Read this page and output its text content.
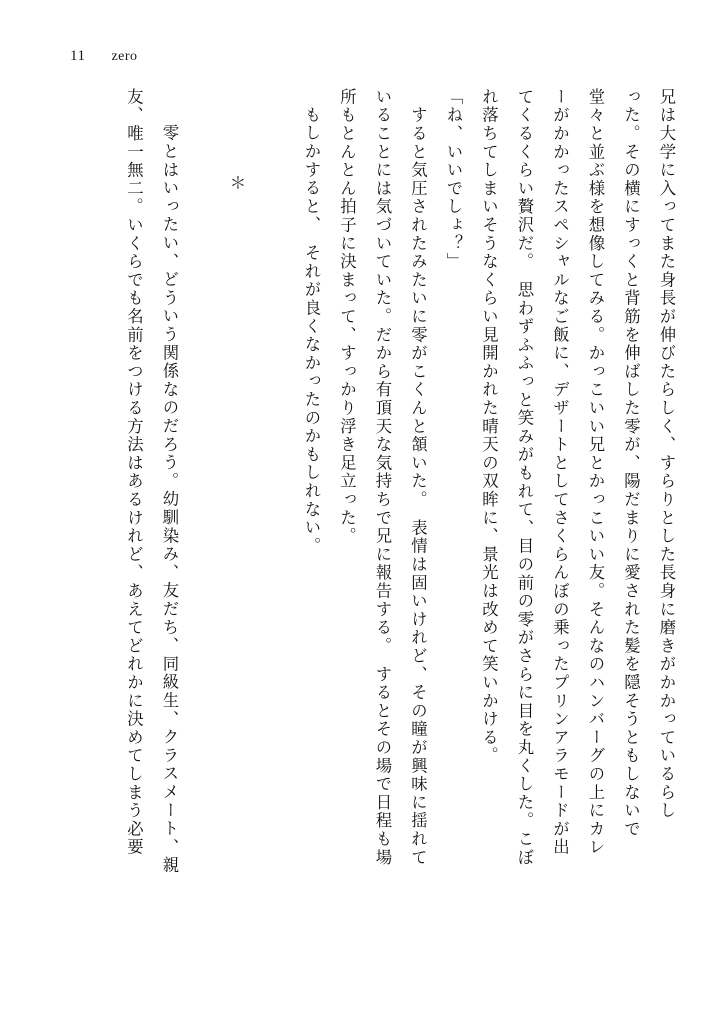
11 zero
兄は大学に入ってまた身長が伸びたらしく、すらりとした長身に磨きがかかっているらし
った。その横にすっくと背筋を伸ばした零が、陽だまりに愛された髪を隠そうともしないで
堂々と並ぶ様を想像してみる。かっこいい兄とかっこいい友。そんなのハンバーグの上にカレ
ーがかかったスペシャルなご飯に、デザートとしてさくらんぼの乗ったプリンアラモードが出
てくるくらい贅沢だ。　思わずふふっと笑みがもれて、目の前の零がさらに目を丸くした。こぼ
れ落ちてしまいそうなくらい見開かれた晴天の双眸に、景光は改めて笑いかける。
「ね、いいでしょ？」
　すると気圧されたみたいに零がこくんと頷いた。　表情は固いけれど、その瞳が興味に揺れて
いることには気づいていた。だから有頂天な気持ちで兄に報告する。　するとその場で日程も場
所もとんとん拍子に決まって、すっかり浮き足立った。
もしかすると、　それが良くなかったのかもしれない。
＊
　零とはいったい、どういう関係なのだろう。幼馴染み、友だち、同級生、クラスメート、親
友、唯一無二。いくらでも名前をつける方法はあるけれど、あえてどれかに決めてしまう必要
